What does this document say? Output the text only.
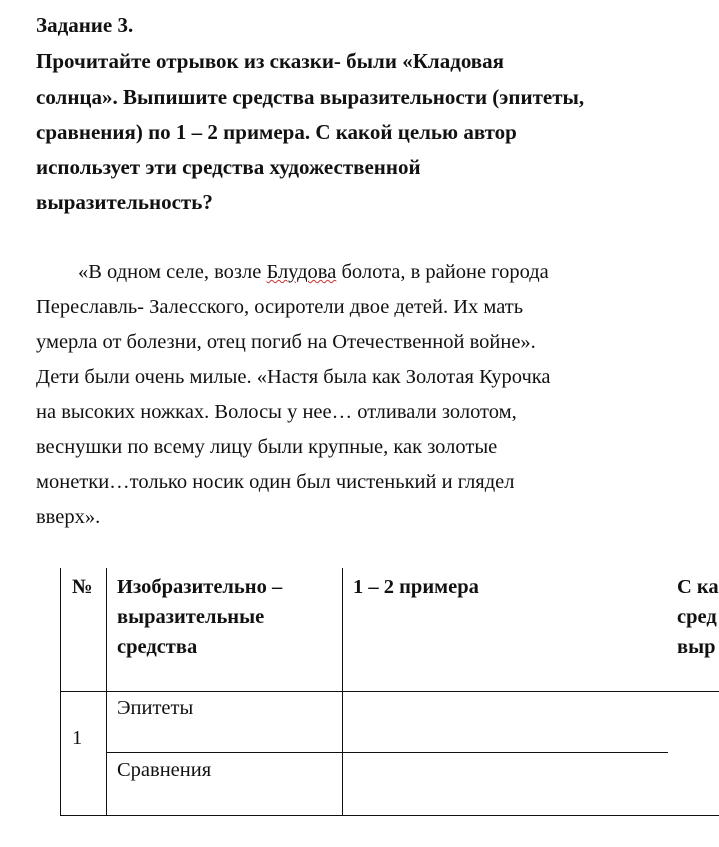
Задание 3.
Прочитайте отрывок из сказки- были «Кладовая
солнца». Выпишите средства выразительности (эпитеты,
сравнения) по 1 – 2 примера. С какой целью автор
использует эти средства художественной
выразительность?
«В одном селе, возле Блудова болота, в районе города
Переславль- Залесского, осиротели двое детей. Их мать
умерла от болезни, отец погиб на Отечественной войне».
Дети были очень милые. «Настя была как Золотая Курочка
на высоких ножках. Волосы у нее… отливали золотом,
веснушки по всему лицу были крупные, как золотые
монетки…только носик один был чистенький и глядел
вверх».
№ Изобразительно –
выразительные
средства
1 – 2 примера	С ка
сред
выр
1
Эпитеты
Сравнения
